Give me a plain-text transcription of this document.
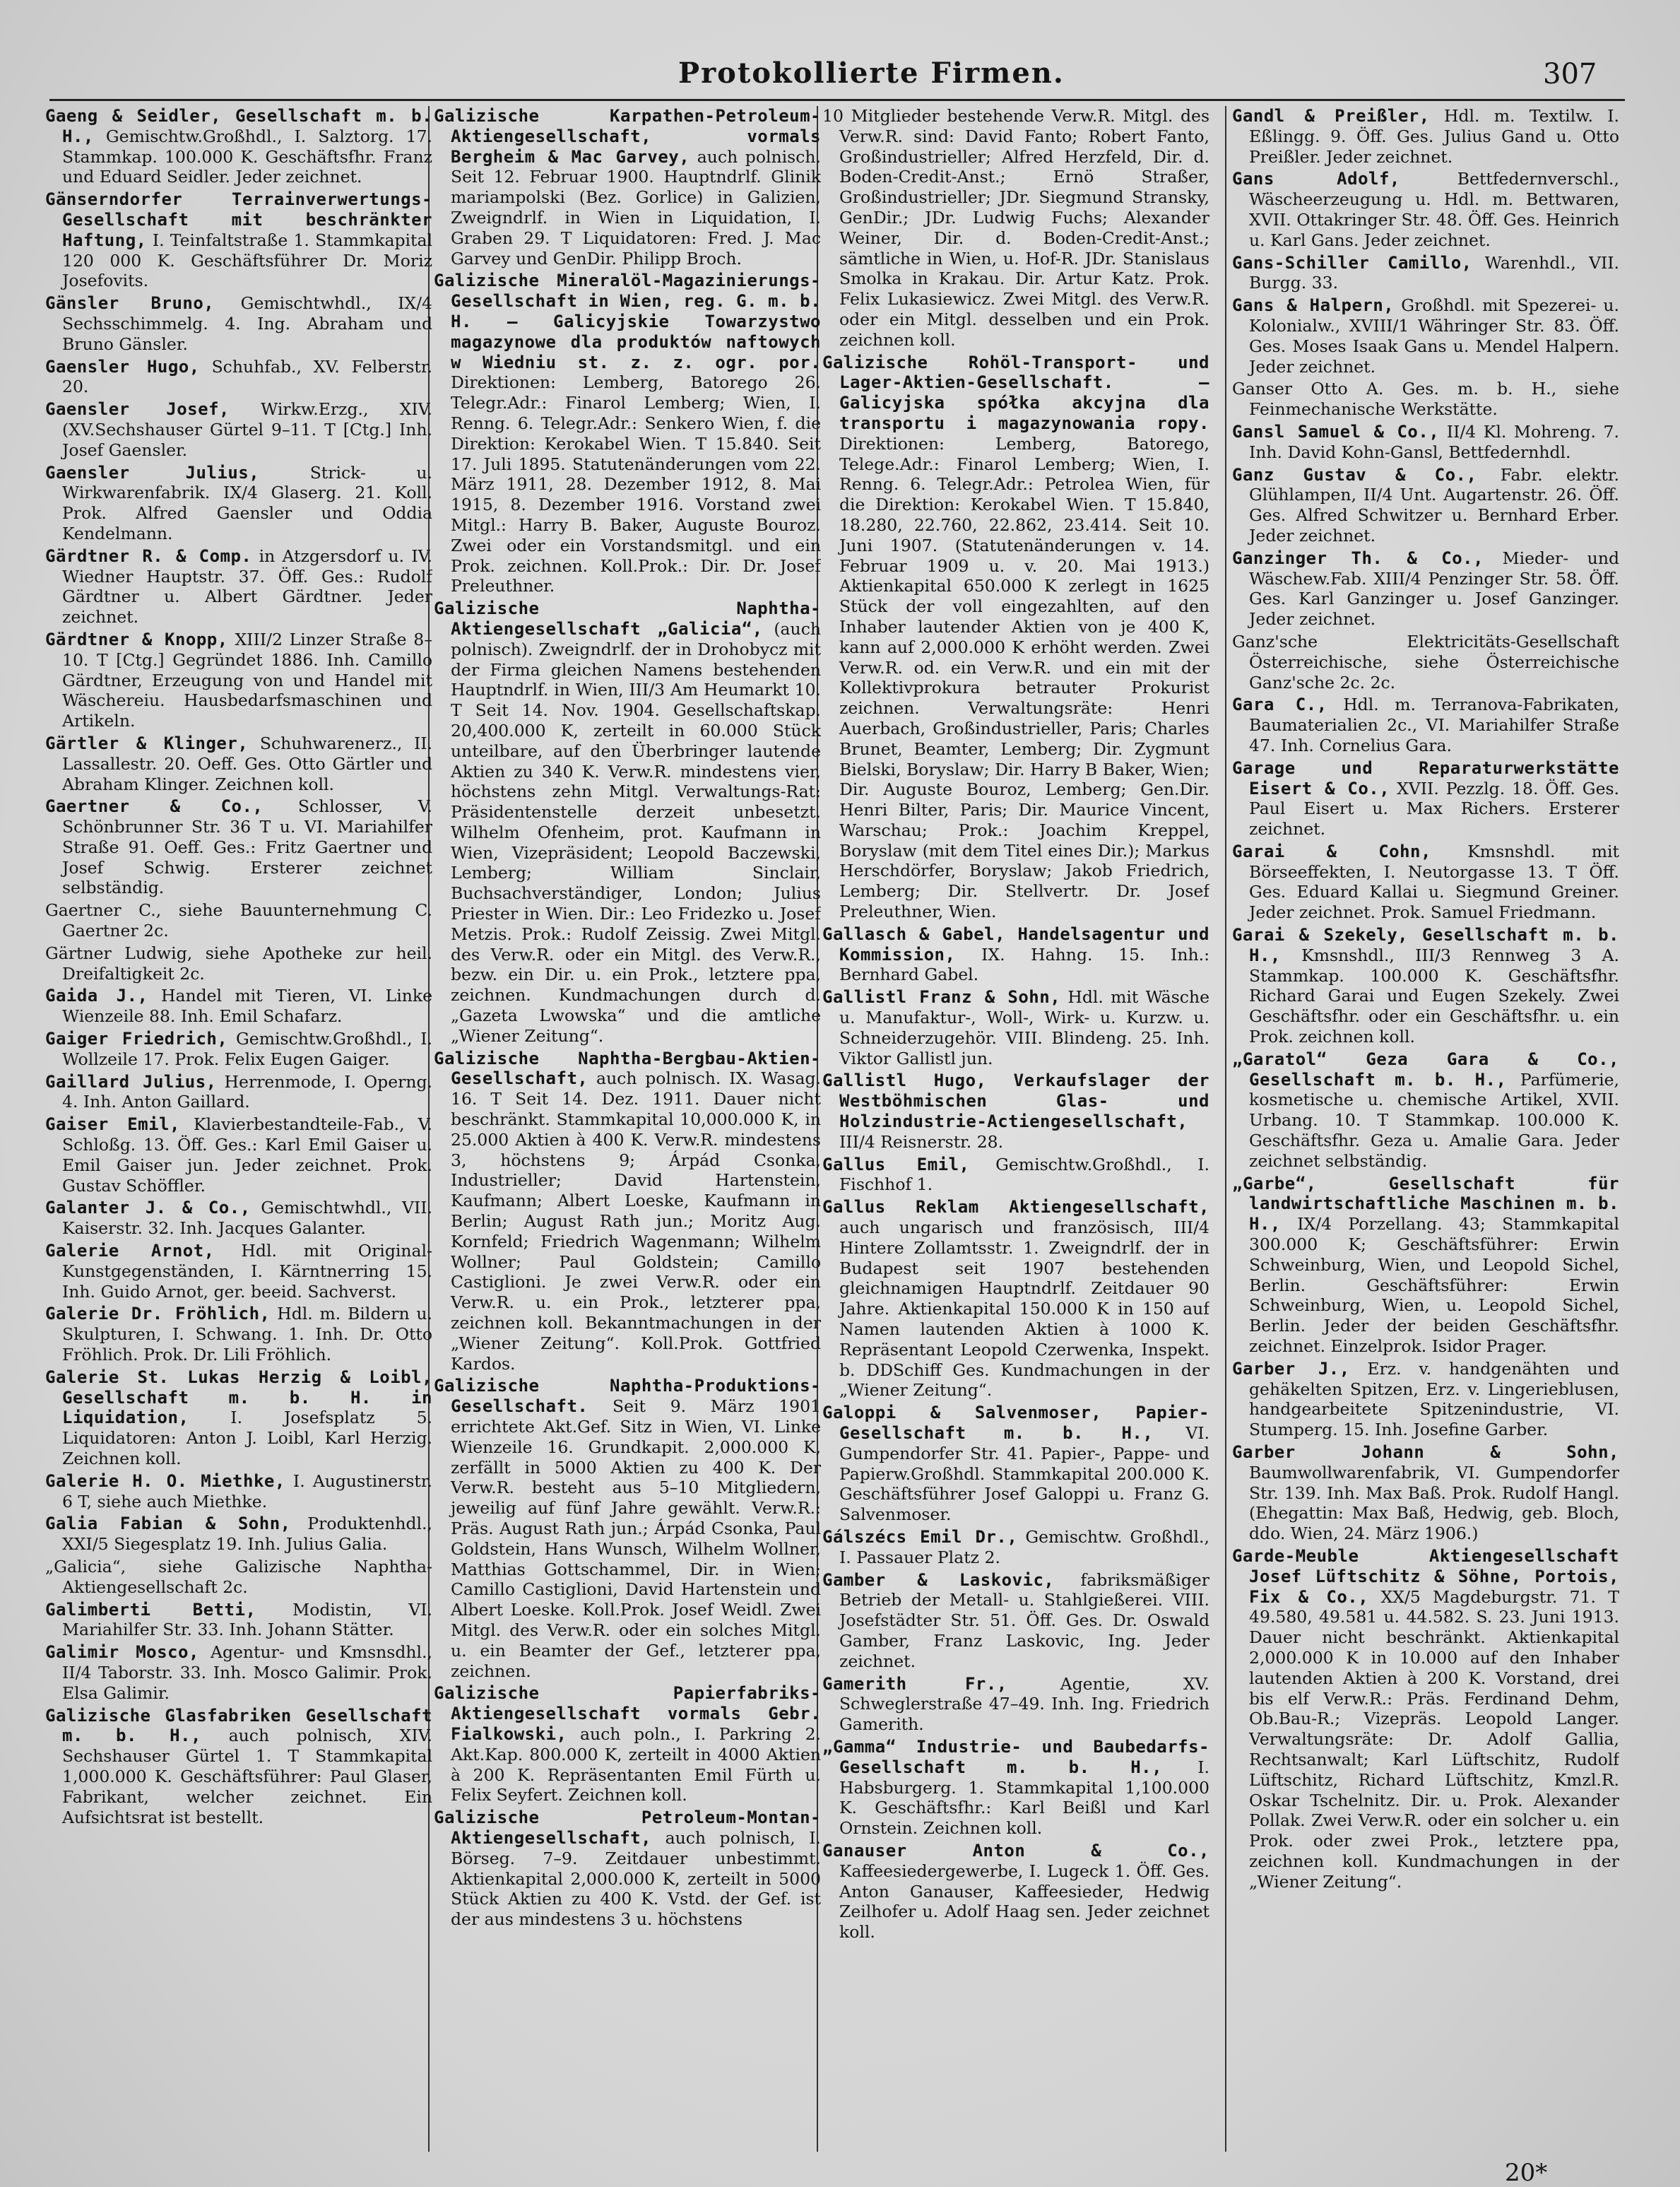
Protokollierte Firmen.	307

Gaeng & Seidler, Gesellschaft m. b. H., Gemischtw.Großhdl., I. Salztorg. 17. Stammkap. 100.000 K. Geschäftsfhr. Franz und Eduard Seidler. Jeder zeichnet.

Gänserndorfer Terrainverwertungs-Gesellschaft mit beschränkter Haftung, I. Teinfaltstraße 1. Stammkapital 120 000 K. Geschäftsführer Dr. Moriz Josefovits.

Gänsler Bruno, Gemischtwhdl., IX/4 Sechsschimmelg. 4. Ing. Abraham und Bruno Gänsler.

Gaensler Hugo, Schuhfab., XV. Felberstr. 20.

Gaensler Josef, Wirkw.Erzg., XIV. (XV.Sechshauser Gürtel 9–11. T [Ctg.] Inh. Josef Gaensler.

Gaensler Julius, Strick- u. Wirkwarenfabrik. IX/4 Glaserg. 21. Koll. Prok. Alfred Gaensler und Oddia Kendelmann.

Gärdtner R. & Comp. in Atzgersdorf u. IV. Wiedner Hauptstr. 37. Öff. Ges.: Rudolf Gärdtner u. Albert Gärdtner. Jeder zeichnet.

Gärdtner & Knopp, XIII/2 Linzer Straße 8–10. T [Ctg.] Gegründet 1886. Inh. Camillo Gärdtner, Erzeugung von und Handel mit Wäschereiu. Hausbedarfsmaschinen und Artikeln.

Gärtler & Klinger, Schuhwarenerz., II. Lassallestr. 20. Oeff. Ges. Otto Gärtler und Abraham Klinger. Zeichnen koll.

Gaertner & Co., Schlosser, V. Schönbrunner Str. 36 T u. VI. Mariahilfer Straße 91. Oeff. Ges.: Fritz Gaertner und Josef Schwig. Ersterer zeichnet selbständig.

Gaertner C., siehe Bauunternehmung C. Gaertner 2c.

Gärtner Ludwig, siehe Apotheke zur heil. Dreifaltigkeit 2c.

Gaida J., Handel mit Tieren, VI. Linke Wienzeile 88. Inh. Emil Schafarz.

Gaiger Friedrich, Gemischtw.Großhdl., I. Wollzeile 17. Prok. Felix Eugen Gaiger.

Gaillard Julius, Herrenmode, I. Operng. 4. Inh. Anton Gaillard.

Gaiser Emil, Klavierbestandteile-Fab., V. Schloßg. 13. Öff. Ges.: Karl Emil Gaiser u. Emil Gaiser jun. Jeder zeichnet. Prok. Gustav Schöffler.

Galanter J. & Co., Gemischtwhdl., VII. Kaiserstr. 32. Inh. Jacques Galanter.

Galerie Arnot, Hdl. mit Original-Kunstgegenständen, I. Kärntnerring 15. Inh. Guido Arnot, ger. beeid. Sachverst.

Galerie Dr. Fröhlich, Hdl. m. Bildern u. Skulpturen, I. Schwang. 1. Inh. Dr. Otto Fröhlich. Prok. Dr. Lili Fröhlich.

Galerie St. Lukas Herzig & Loibl, Gesellschaft m. b. H. in Liquidation, I. Josefsplatz 5. Liquidatoren: Anton J. Loibl, Karl Herzig. Zeichnen koll.

Galerie H. O. Miethke, I. Augustinerstr. 6 T, siehe auch Miethke.

Galia Fabian & Sohn, Produktenhdl., XXI/5 Siegesplatz 19. Inh. Julius Galia.

„Galicia“, siehe Galizische Naphtha-Aktiengesellschaft 2c.

Galimberti Betti, Modistin, VI. Mariahilfer Str. 33. Inh. Johann Stätter.

Galimir Mosco, Agentur- und Kmsnsdhl., II/4 Taborstr. 33. Inh. Mosco Galimir. Prok. Elsa Galimir.

Galizische Glasfabriken Gesellschaft m. b. H., auch polnisch, XIV. Sechshauser Gürtel 1. T Stammkapital 1,000.000 K. Geschäftsführer: Paul Glaser, Fabrikant, welcher zeichnet. Ein Aufsichtsrat ist bestellt.

Galizische Karpathen-Petroleum-Aktiengesellschaft, vormals Bergheim & Mac Garvey, auch polnisch. Seit 12. Februar 1900. Hauptndrlf. Glinik mariampolski (Bez. Gorlice) in Galizien, Zweigndrlf. in Wien in Liquidation, I. Graben 29. T Liquidatoren: Fred. J. Mac Garvey und GenDir. Philipp Broch.

Galizische Mineralöl-Magazinierungs-Gesellschaft in Wien, reg. G. m. b. H. — Galicyjskie Towarzystwo magazynowe dla produktów naftowych w Wiedniu st. z. z. ogr. por. Direktionen: Lemberg, Batorego 26. Telegr.Adr.: Finarol Lemberg; Wien, I. Renng. 6. Telegr.Adr.: Senkero Wien, f. die Direktion: Kerokabel Wien. T 15.840. Seit 17. Juli 1895. Statutenänderungen vom 22. März 1911, 28. Dezember 1912, 8. Mai 1915, 8. Dezember 1916. Vorstand zwei Mitgl.: Harry B. Baker, Auguste Bouroz. Zwei oder ein Vorstandsmitgl. und ein Prok. zeichnen. Koll.Prok.: Dir. Dr. Josef Preleuthner.

Galizische Naphtha-Aktiengesellschaft „Galicia“, (auch polnisch). Zweigndrlf. der in Drohobycz mit der Firma gleichen Namens bestehenden Hauptndrlf. in Wien, III/3 Am Heumarkt 10. T Seit 14. Nov. 1904. Gesellschaftskap. 20,400.000 K, zerteilt in 60.000 Stück unteilbare, auf den Überbringer lautende Aktien zu 340 K. Verw.R. mindestens vier, höchstens zehn Mitgl. Verwaltungs-Rat: Präsidentenstelle derzeit unbesetzt. Wilhelm Ofenheim, prot. Kaufmann in Wien, Vizepräsident; Leopold Baczewski, Lemberg; William Sinclair, Buchsachverständiger, London; Julius Priester in Wien. Dir.: Leo Fridezko u. Josef Metzis. Prok.: Rudolf Zeissig. Zwei Mitgl. des Verw.R. oder ein Mitgl. des Verw.R., bezw. ein Dir. u. ein Prok., letztere ppa, zeichnen. Kundmachungen durch d. „Gazeta Lwowska“ und die amtliche „Wiener Zeitung“.

Galizische Naphtha-Bergbau-Aktien-Gesellschaft, auch polnisch. IX. Wasag. 16. T Seit 14. Dez. 1911. Dauer nicht beschränkt. Stammkapital 10,000.000 K, in 25.000 Aktien à 400 K. Verw.R. mindestens 3, höchstens 9; Árpád Csonka, Industrieller; David Hartenstein, Kaufmann; Albert Loeske, Kaufmann in Berlin; August Rath jun.; Moritz Aug. Kornfeld; Friedrich Wagenmann; Wilhelm Wollner; Paul Goldstein; Camillo Castiglioni. Je zwei Verw.R. oder ein Verw.R. u. ein Prok., letzterer ppa, zeichnen koll. Bekanntmachungen in der „Wiener Zeitung“. Koll.Prok. Gottfried Kardos.

Galizische Naphtha-Produktions-Gesellschaft. Seit 9. März 1901 errichtete Akt.Gef. Sitz in Wien, VI. Linke Wienzeile 16. Grundkapit. 2,000.000 K, zerfällt in 5000 Aktien zu 400 K. Der Verw.R. besteht aus 5–10 Mitgliedern, jeweilig auf fünf Jahre gewählt. Verw.R.: Präs. August Rath jun.; Árpád Csonka, Paul Goldstein, Hans Wunsch, Wilhelm Wollner, Matthias Gottschammel, Dir. in Wien; Camillo Castiglioni, David Hartenstein und Albert Loeske. Koll.Prok. Josef Weidl. Zwei Mitgl. des Verw.R. oder ein solches Mitgl. u. ein Beamter der Gef., letzterer ppa, zeichnen.

Galizische Papierfabriks-Aktiengesellschaft vormals Gebr. Fialkowski, auch poln., I. Parkring 2. Akt.Kap. 800.000 K, zerteilt in 4000 Aktien à 200 K. Repräsentanten Emil Fürth u. Felix Seyfert. Zeichnen koll.

Galizische Petroleum-Montan-Aktiengesellschaft, auch polnisch, I. Börseg. 7–9. Zeitdauer unbestimmt. Aktienkapital 2,000.000 K, zerteilt in 5000 Stück Aktien zu 400 K. Vstd. der Gef. ist der aus mindestens 3 u. höchstens

10 Mitglieder bestehende Verw.R. Mitgl. des Verw.R. sind: David Fanto; Robert Fanto, Großindustrieller; Alfred Herzfeld, Dir. d. Boden-Credit-Anst.; Ernö Straßer, Großindustrieller; JDr. Siegmund Stransky, GenDir.; JDr. Ludwig Fuchs; Alexander Weiner, Dir. d. Boden-Credit-Anst.; sämtliche in Wien, u. Hof-R. JDr. Stanislaus Smolka in Krakau. Dir. Artur Katz. Prok. Felix Lukasiewicz. Zwei Mitgl. des Verw.R. oder ein Mitgl. desselben und ein Prok. zeichnen koll.

Galizische Rohöl-Transport- und Lager-Aktien-Gesellschaft. — Galicyjska spółka akcyjna dla transportu i magazynowania ropy. Direktionen: Lemberg, Batorego, Telege.Adr.: Finarol Lemberg; Wien, I. Renng. 6. Telegr.Adr.: Petrolea Wien, für die Direktion: Kerokabel Wien. T 15.840, 18.280, 22.760, 22.862, 23.414. Seit 10. Juni 1907. (Statutenänderungen v. 14. Februar 1909 u. v. 20. Mai 1913.) Aktienkapital 650.000 K zerlegt in 1625 Stück der voll eingezahlten, auf den Inhaber lautender Aktien von je 400 K, kann auf 2,000.000 K erhöht werden. Zwei Verw.R. od. ein Verw.R. und ein mit der Kollektivprokura betrauter Prokurist zeichnen. Verwaltungsräte: Henri Auerbach, Großindustrieller, Paris; Charles Brunet, Beamter, Lemberg; Dir. Zygmunt Bielski, Boryslaw; Dir. Harry B Baker, Wien; Dir. Auguste Bouroz, Lemberg; Gen.Dir. Henri Bilter, Paris; Dir. Maurice Vincent, Warschau; Prok.: Joachim Kreppel, Boryslaw (mit dem Titel eines Dir.); Markus Herschdörfer, Boryslaw; Jakob Friedrich, Lemberg; Dir. Stellvertr. Dr. Josef Preleuthner, Wien.

Gallasch & Gabel, Handelsagentur und Kommission, IX. Hahng. 15. Inh.: Bernhard Gabel.

Gallistl Franz & Sohn, Hdl. mit Wäsche u. Manufaktur-, Woll-, Wirk- u. Kurzw. u. Schneiderzugehör. VIII. Blindeng. 25. Inh. Viktor Gallistl jun.

Gallistl Hugo, Verkaufslager der Westböhmischen Glas- und Holzindustrie-Actiengesellschaft, III/4 Reisnerstr. 28.

Gallus Emil, Gemischtw.Großhdl., I. Fischhof 1.

Gallus Reklam Aktiengesellschaft, auch ungarisch und französisch, III/4 Hintere Zollamtsstr. 1. Zweigndrlf. der in Budapest seit 1907 bestehenden gleichnamigen Hauptndrlf. Zeitdauer 90 Jahre. Aktienkapital 150.000 K in 150 auf Namen lautenden Aktien à 1000 K. Repräsentant Leopold Czerwenka, Inspekt. b. DDSchiff Ges. Kundmachungen in der „Wiener Zeitung“.

Galoppi & Salvenmoser, Papier-Gesellschaft m. b. H., VI. Gumpendorfer Str. 41. Papier-, Pappe- und Papierw.Großhdl. Stammkapital 200.000 K. Geschäftsführer Josef Galoppi u. Franz G. Salvenmoser.

Gálszécs Emil Dr., Gemischtw. Großhdl., I. Passauer Platz 2.

Gamber & Laskovic, fabriksmäßiger Betrieb der Metall- u. Stahlgießerei. VIII. Josefstädter Str. 51. Öff. Ges. Dr. Oswald Gamber, Franz Laskovic, Ing. Jeder zeichnet.

Gamerith Fr., Agentie, XV. Schweglerstraße 47–49. Inh. Ing. Friedrich Gamerith.

„Gamma“ Industrie- und Baubedarfs-Gesellschaft m. b. H., I. Habsburgerg. 1. Stammkapital 1,100.000 K. Geschäftsfhr.: Karl Beißl und Karl Ornstein. Zeichnen koll.

Ganauser Anton & Co., Kaffeesiedergewerbe, I. Lugeck 1. Öff. Ges. Anton Ganauser, Kaffeesieder, Hedwig Zeilhofer u. Adolf Haag sen. Jeder zeichnet koll.

Gandl & Preißler, Hdl. m. Textilw. I. Eßlingg. 9. Öff. Ges. Julius Gand u. Otto Preißler. Jeder zeichnet.

Gans Adolf, Bettfedernverschl., Wäscheerzeugung u. Hdl. m. Bettwaren, XVII. Ottakringer Str. 48. Öff. Ges. Heinrich u. Karl Gans. Jeder zeichnet.

Gans-Schiller Camillo, Warenhdl., VII. Burgg. 33.

Gans & Halpern, Großhdl. mit Spezerei- u. Kolonialw., XVIII/1 Währinger Str. 83. Öff. Ges. Moses Isaak Gans u. Mendel Halpern. Jeder zeichnet.

Ganser Otto A. Ges. m. b. H., siehe Feinmechanische Werkstätte.

Gansl Samuel & Co., II/4 Kl. Mohreng. 7. Inh. David Kohn-Gansl, Bettfedernhdl.

Ganz Gustav & Co., Fabr. elektr. Glühlampen, II/4 Unt. Augartenstr. 26. Öff. Ges. Alfred Schwitzer u. Bernhard Erber. Jeder zeichnet.

Ganzinger Th. & Co., Mieder- und Wäschew.Fab. XIII/4 Penzinger Str. 58. Öff. Ges. Karl Ganzinger u. Josef Ganzinger. Jeder zeichnet.

Ganz'sche Elektricitäts-Gesellschaft Österreichische, siehe Österreichische Ganz'sche 2c. 2c.

Gara C., Hdl. m. Terranova-Fabrikaten, Baumaterialien 2c., VI. Mariahilfer Straße 47. Inh. Cornelius Gara.

Garage und Reparaturwerkstätte Eisert & Co., XVII. Pezzlg. 18. Öff. Ges. Paul Eisert u. Max Richers. Ersterer zeichnet.

Garai & Cohn, Kmsnshdl. mit Börseeffekten, I. Neutorgasse 13. T Öff. Ges. Eduard Kallai u. Siegmund Greiner. Jeder zeichnet. Prok. Samuel Friedmann.

Garai & Szekely, Gesellschaft m. b. H., Kmsnshdl., III/3 Rennweg 3 A. Stammkap. 100.000 K. Geschäftsfhr. Richard Garai und Eugen Szekely. Zwei Geschäftsfhr. oder ein Geschäftsfhr. u. ein Prok. zeichnen koll.

„Garatol“ Geza Gara & Co., Gesellschaft m. b. H., Parfümerie, kosmetische u. chemische Artikel, XVII. Urbang. 10. T Stammkap. 100.000 K. Geschäftsfhr. Geza u. Amalie Gara. Jeder zeichnet selbständig.

„Garbe“, Gesellschaft für landwirtschaftliche Maschinen m. b. H., IX/4 Porzellang. 43; Stammkapital 300.000 K; Geschäftsführer: Erwin Schweinburg, Wien, und Leopold Sichel, Berlin. Geschäftsführer: Erwin Schweinburg, Wien, u. Leopold Sichel, Berlin. Jeder der beiden Geschäftsfhr. zeichnet. Einzelprok. Isidor Prager.

Garber J., Erz. v. handgenähten und gehäkelten Spitzen, Erz. v. Lingerieblusen, handgearbeitete Spitzenindustrie, VI. Stumperg. 15. Inh. Josefine Garber.

Garber Johann & Sohn, Baumwollwarenfabrik, VI. Gumpendorfer Str. 139. Inh. Max Baß. Prok. Rudolf Hangl. (Ehegattin: Max Baß, Hedwig, geb. Bloch, ddo. Wien, 24. März 1906.)

Garde-Meuble Aktiengesellschaft Josef Lüftschitz & Söhne, Portois, Fix & Co., XX/5 Magdeburgstr. 71. T 49.580, 49.581 u. 44.582. S. 23. Juni 1913. Dauer nicht beschränkt. Aktienkapital 2,000.000 K in 10.000 auf den Inhaber lautenden Aktien à 200 K. Vorstand, drei bis elf Verw.R.: Präs. Ferdinand Dehm, Ob.Bau-R.; Vizepräs. Leopold Langer. Verwaltungsräte: Dr. Adolf Gallia, Rechtsanwalt; Karl Lüftschitz, Rudolf Lüftschitz, Richard Lüftschitz, Kmzl.R. Oskar Tschelnitz. Dir. u. Prok. Alexander Pollak. Zwei Verw.R. oder ein solcher u. ein Prok. oder zwei Prok., letztere ppa, zeichnen koll. Kundmachungen in der „Wiener Zeitung“.

20*
